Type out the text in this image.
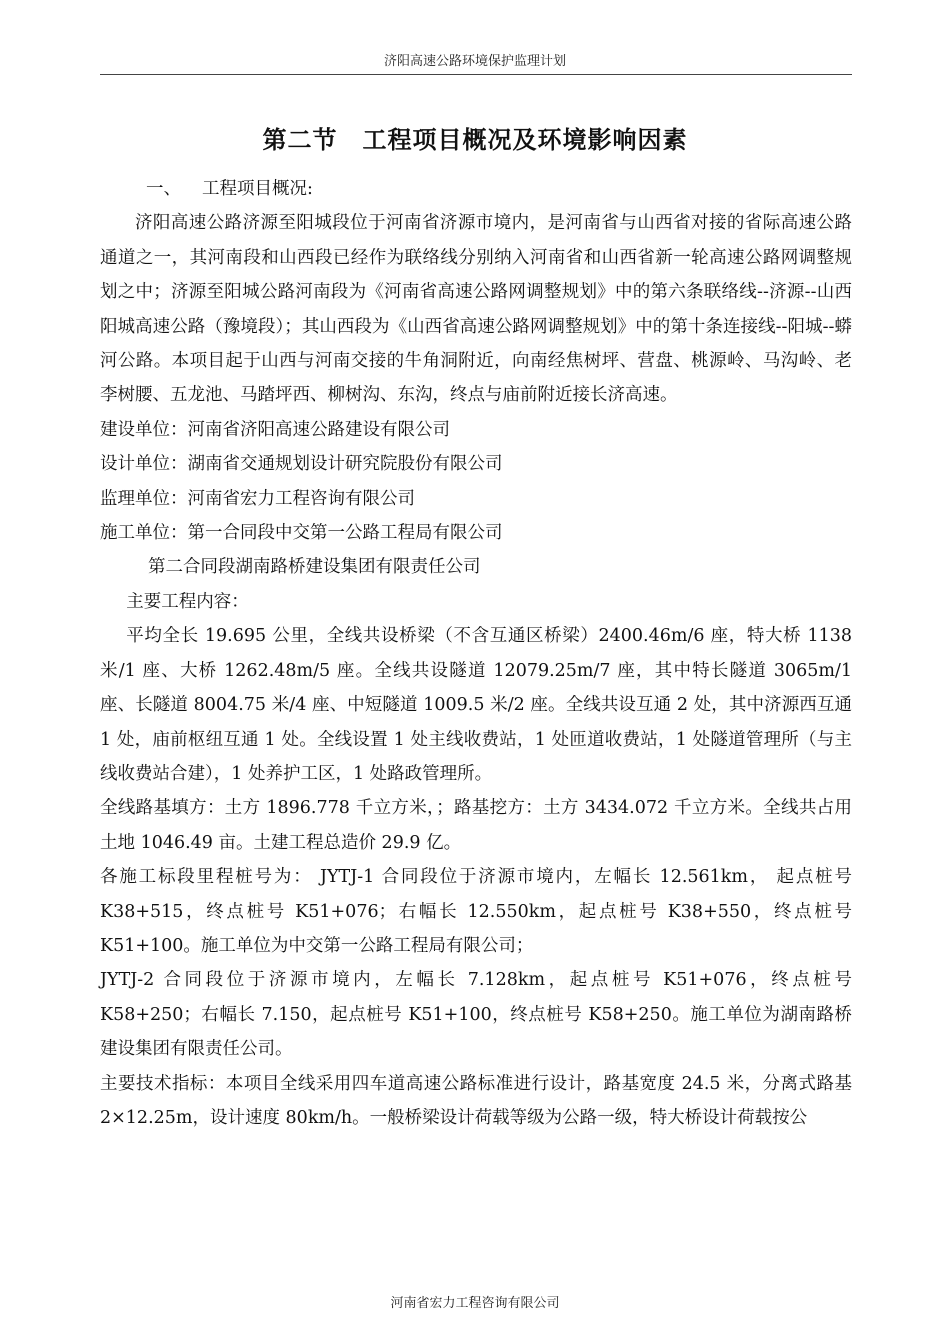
济阳高速公路环境保护监理计划
第二节　工程项目概况及环境影响因素

一、 工程项目概况:

济阳高速公路济源至阳城段位于河南省济源市境内，是河南省与山西省对接的省际高速公路通道之一，其河南段和山西段已经作为联络线分别纳入河南省和山西省新一轮高速公路网调整规划之中；济源至阳城公路河南段为《河南省高速公路网调整规划》中的第六条联络线--济源--山西阳城高速公路（豫境段）；其山西段为《山西省高速公路网调整规划》中的第十条连接线--阳城--蟒河公路。本项目起于山西与河南交接的牛角洞附近，向南经焦树坪、营盘、桃源岭、马沟岭、老李树腰、五龙池、马踏坪西、柳树沟、东沟，终点与庙前附近接长济高速。

建设单位：河南省济阳高速公路建设有限公司

设计单位：湖南省交通规划设计研究院股份有限公司

监理单位：河南省宏力工程咨询有限公司

施工单位：第一合同段中交第一公路工程局有限公司

第二合同段湖南路桥建设集团有限责任公司

主要工程内容：

平均全长 19.695 公里，全线共设桥梁（不含互通区桥梁）2400.46m/6 座，特大桥 1138 米/1 座、大桥 1262.48m/5 座。全线共设隧道 12079.25m/7 座，其中特长隧道 3065m/1 座、长隧道 8004.75 米/4 座、中短隧道 1009.5 米/2 座。全线共设互通 2 处，其中济源西互通 1 处，庙前枢纽互通 1 处。全线设置 1 处主线收费站，1 处匝道收费站，1 处隧道管理所（与主线收费站合建），1 处养护工区，1 处路政管理所。

全线路基填方：土方 1896.778 千立方米，；路基挖方：土方 3434.072 千立方米。全线共占用土地 1046.49 亩。土建工程总造价 29.9 亿。

各施工标段里程桩号为： JYTJ-1 合同段位于济源市境内，左幅长 12.561km， 起点桩号 K38+515，终点桩号 K51+076；右幅长 12.550km，起点桩号 K38+550，终点桩号 K51+100。施工单位为中交第一公路工程局有限公司；

JYTJ-2 合同段位于济源市境内，左幅长 7.128km，起点桩号 K51+076，终点桩号 K58+250；右幅长 7.150，起点桩号 K51+100，终点桩号 K58+250。施工单位为湖南路桥建设集团有限责任公司。

主要技术指标：本项目全线采用四车道高速公路标准进行设计，路基宽度 24.5 米，分离式路基 2×12.25m，设计速度 80km/h。一般桥梁设计荷载等级为公路一级，特大桥设计荷载按公

河南省宏力工程咨询有限公司
